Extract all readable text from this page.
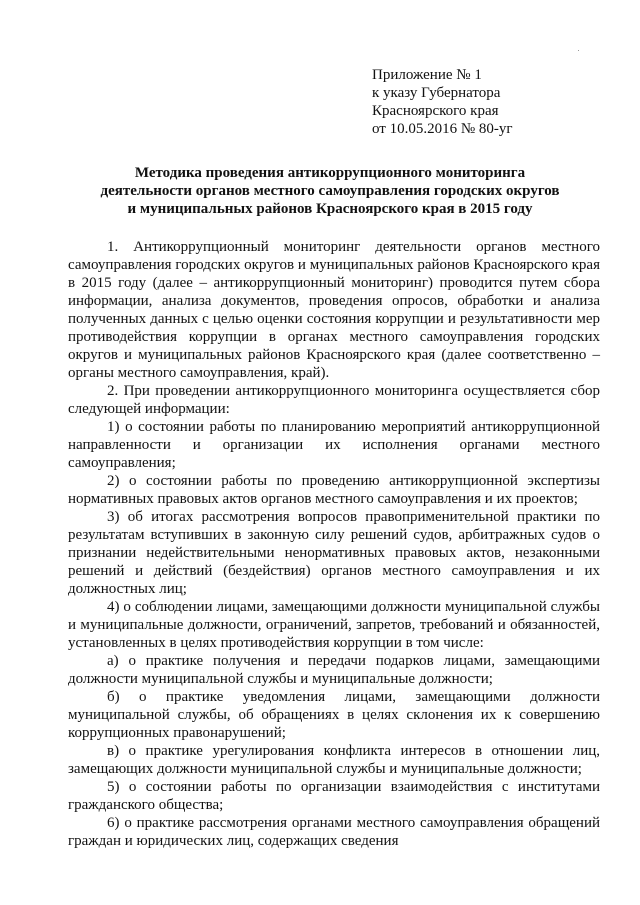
Приложение № 1
к указу Губернатора
Красноярского края
от 10.05.2016 № 80-уг
Методика проведения антикоррупционного мониторинга
деятельности органов местного самоуправления городских округов
и муниципальных районов Красноярского края в 2015 году

1. Антикоррупционный мониторинг деятельности органов местного самоуправления городских округов и муниципальных районов Красноярского края в 2015 году (далее – антикоррупционный мониторинг) проводится путем сбора информации, анализа документов, проведения опросов, обработки и анализа полученных данных с целью оценки состояния коррупции и результативности мер противодействия коррупции в органах местного самоуправления городских округов и муниципальных районов Красноярского края (далее соответственно – органы местного самоуправления, край).

2. При проведении антикоррупционного мониторинга осуществляется сбор следующей информации:

1) о состоянии работы по планированию мероприятий антикоррупционной направленности и организации их исполнения органами местного самоуправления;

2) о состоянии работы по проведению антикоррупционной экспертизы нормативных правовых актов органов местного самоуправления и их проектов;

3) об итогах рассмотрения вопросов правоприменительной практики по результатам вступивших в законную силу решений судов, арбитражных судов о признании недействительными ненормативных правовых актов, незаконными решений и действий (бездействия) органов местного самоуправления и их должностных лиц;

4) о соблюдении лицами, замещающими должности муниципальной службы и муниципальные должности, ограничений, запретов, требований и обязанностей, установленных в целях противодействия коррупции в том числе:

а) о практике получения и передачи подарков лицами, замещающими должности муниципальной службы и муниципальные должности;

б) о практике уведомления лицами, замещающими должности муниципальной службы, об обращениях в целях склонения их к совершению коррупционных правонарушений;

в) о практике урегулирования конфликта интересов в отношении лиц, замещающих должности муниципальной службы и муниципальные должности;

5) о состоянии работы по организации взаимодействия с институтами гражданского общества;

6) о практике рассмотрения органами местного самоуправления обращений граждан и юридических лиц, содержащих сведения
